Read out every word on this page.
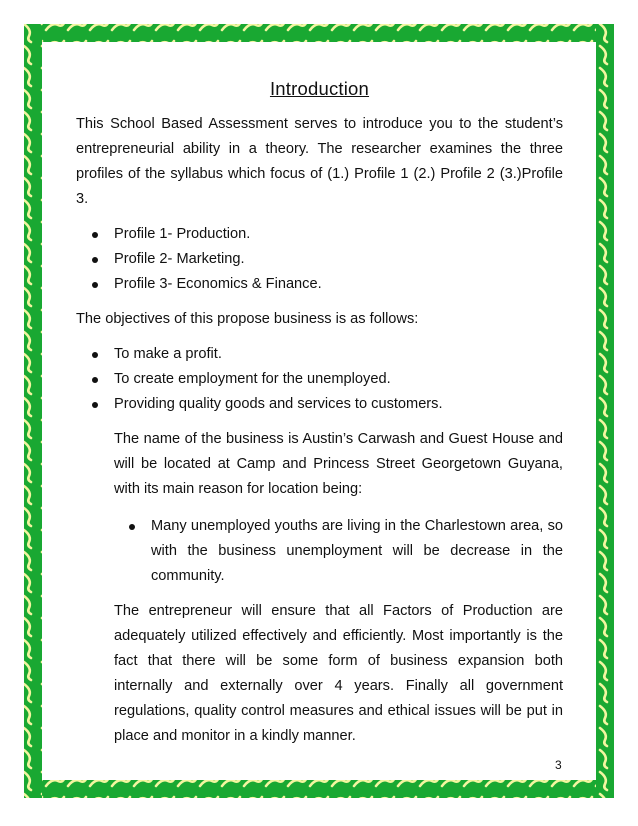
Introduction

This School Based Assessment serves to introduce you to the student’s entrepreneurial ability in a theory. The researcher examines the three profiles of the syllabus which focus of (1.) Profile 1 (2.) Profile 2 (3.)Profile 3.

Profile 1- Production.
Profile 2- Marketing.
Profile 3- Economics & Finance.

The objectives of this propose business is as follows:

To make a profit.
To create employment for the unemployed.
Providing quality goods and services to customers.

The name of the business is Austin’s Carwash and Guest House and will be located at Camp and Princess Street Georgetown Guyana, with its main reason for location being:

Many unemployed youths are living in the Charlestown area, so with the business unemployment will be decrease in the community.

The entrepreneur will ensure that all Factors of Production are adequately utilized effectively and efficiently. Most importantly is the fact that there will be some form of business expansion both internally and externally over 4 years. Finally all government regulations, quality control measures and ethical issues will be put in place and monitor in a kindly manner.

3
